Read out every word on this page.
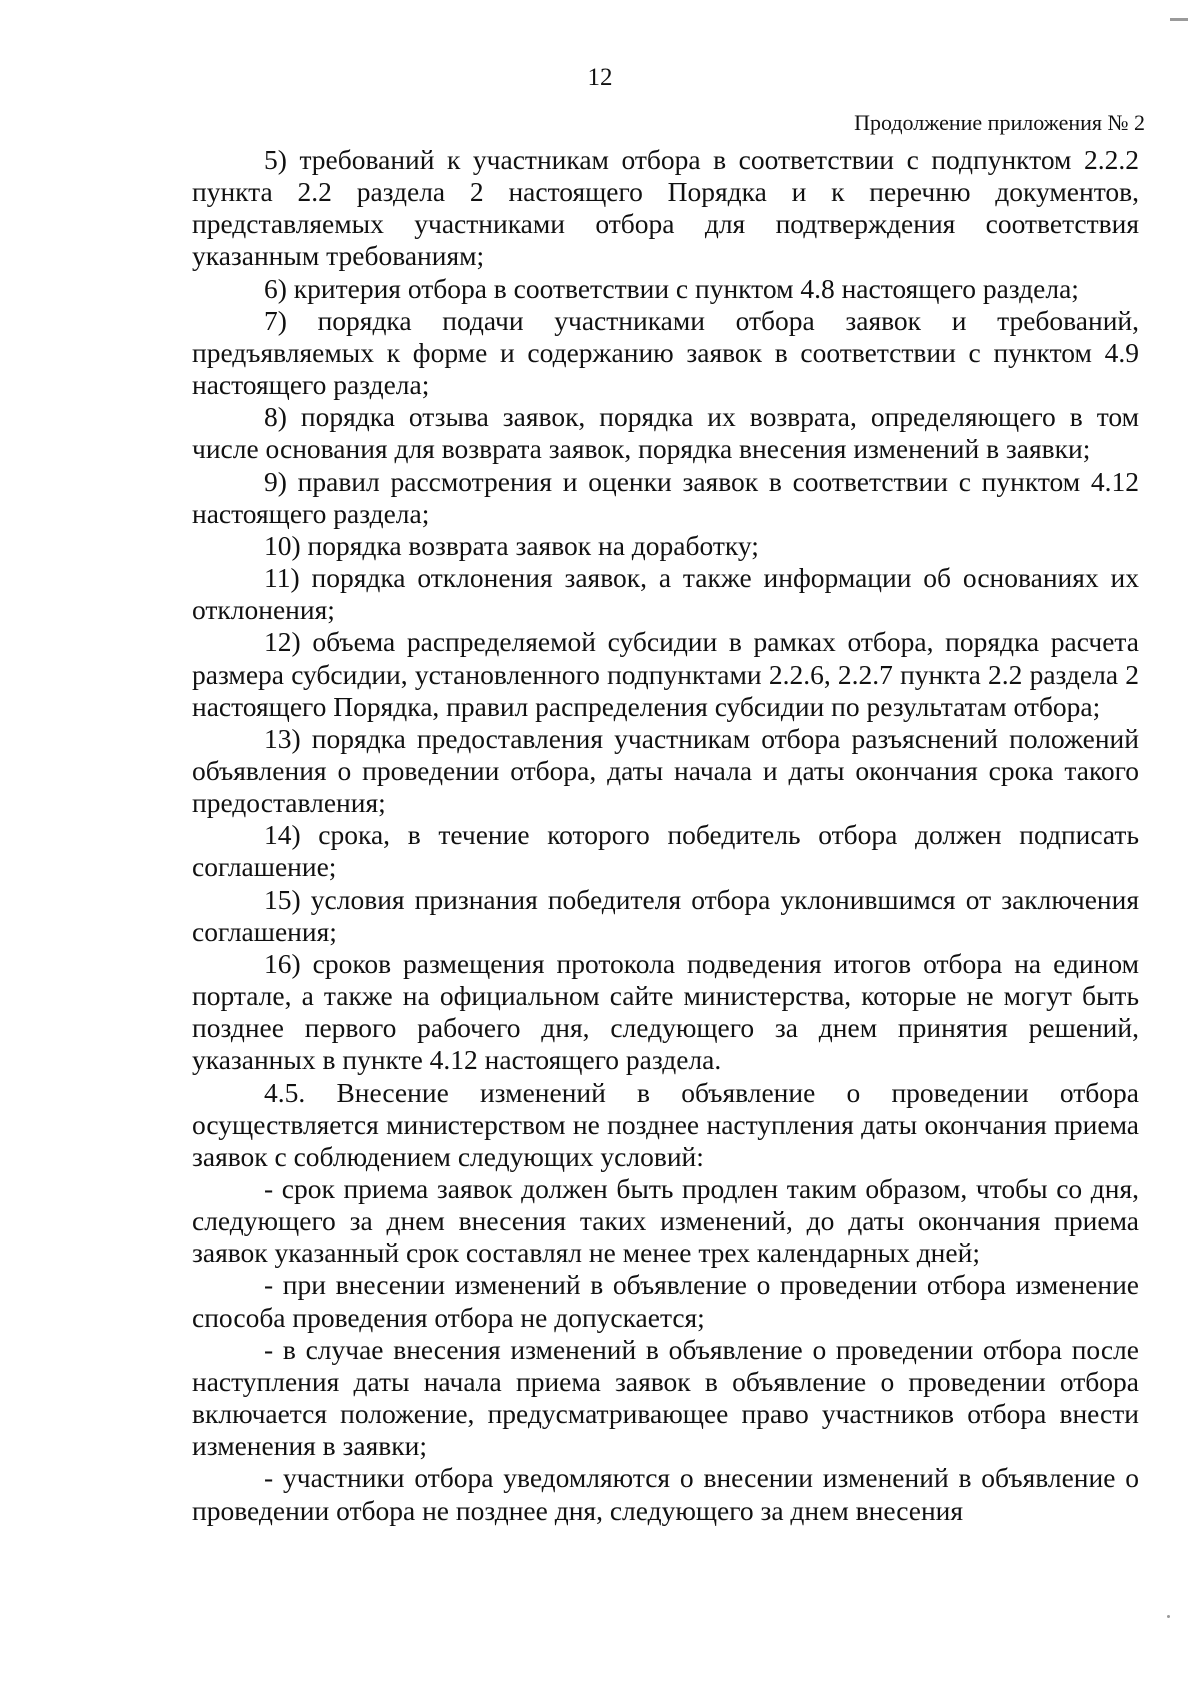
12
Продолжение приложения № 2

5) требований к участникам отбора в соответствии с подпунктом 2.2.2 пункта 2.2 раздела 2 настоящего Порядка и к перечню документов, представляемых участниками отбора для подтверждения соответствия указанным требованиям;

6) критерия отбора в соответствии с пунктом 4.8 настоящего раздела;

7) порядка подачи участниками отбора заявок и требований, предъявляемых к форме и содержанию заявок в соответствии с пунктом 4.9 настоящего раздела;

8) порядка отзыва заявок, порядка их возврата, определяющего в том числе основания для возврата заявок, порядка внесения изменений в заявки;

9) правил рассмотрения и оценки заявок в соответствии с пунктом 4.12 настоящего раздела;

10) порядка возврата заявок на доработку;

11) порядка отклонения заявок, а также информации об основаниях их отклонения;

12) объема распределяемой субсидии в рамках отбора, порядка расчета размера субсидии, установленного подпунктами 2.2.6, 2.2.7 пункта 2.2 раздела 2 настоящего Порядка, правил распределения субсидии по результатам отбора;

13) порядка предоставления участникам отбора разъяснений положений объявления о проведении отбора, даты начала и даты окончания срока такого предоставления;

14) срока, в течение которого победитель отбора должен подписать соглашение;

15) условия признания победителя отбора уклонившимся от заключения соглашения;

16) сроков размещения протокола подведения итогов отбора на едином портале, а также на официальном сайте министерства, которые не могут быть позднее первого рабочего дня, следующего за днем принятия решений, указанных в пункте 4.12 настоящего раздела.

4.5. Внесение изменений в объявление о проведении отбора осуществляется министерством не позднее наступления даты окончания приема заявок с соблюдением следующих условий:

- срок приема заявок должен быть продлен таким образом, чтобы со дня, следующего за днем внесения таких изменений, до даты окончания приема заявок указанный срок составлял не менее трех календарных дней;

- при внесении изменений в объявление о проведении отбора изменение способа проведения отбора не допускается;

- в случае внесения изменений в объявление о проведении отбора после наступления даты начала приема заявок в объявление о проведении отбора включается положение, предусматривающее право участников отбора внести изменения в заявки;

- участники отбора уведомляются о внесении изменений в объявление о проведении отбора не позднее дня, следующего за днем внесения
